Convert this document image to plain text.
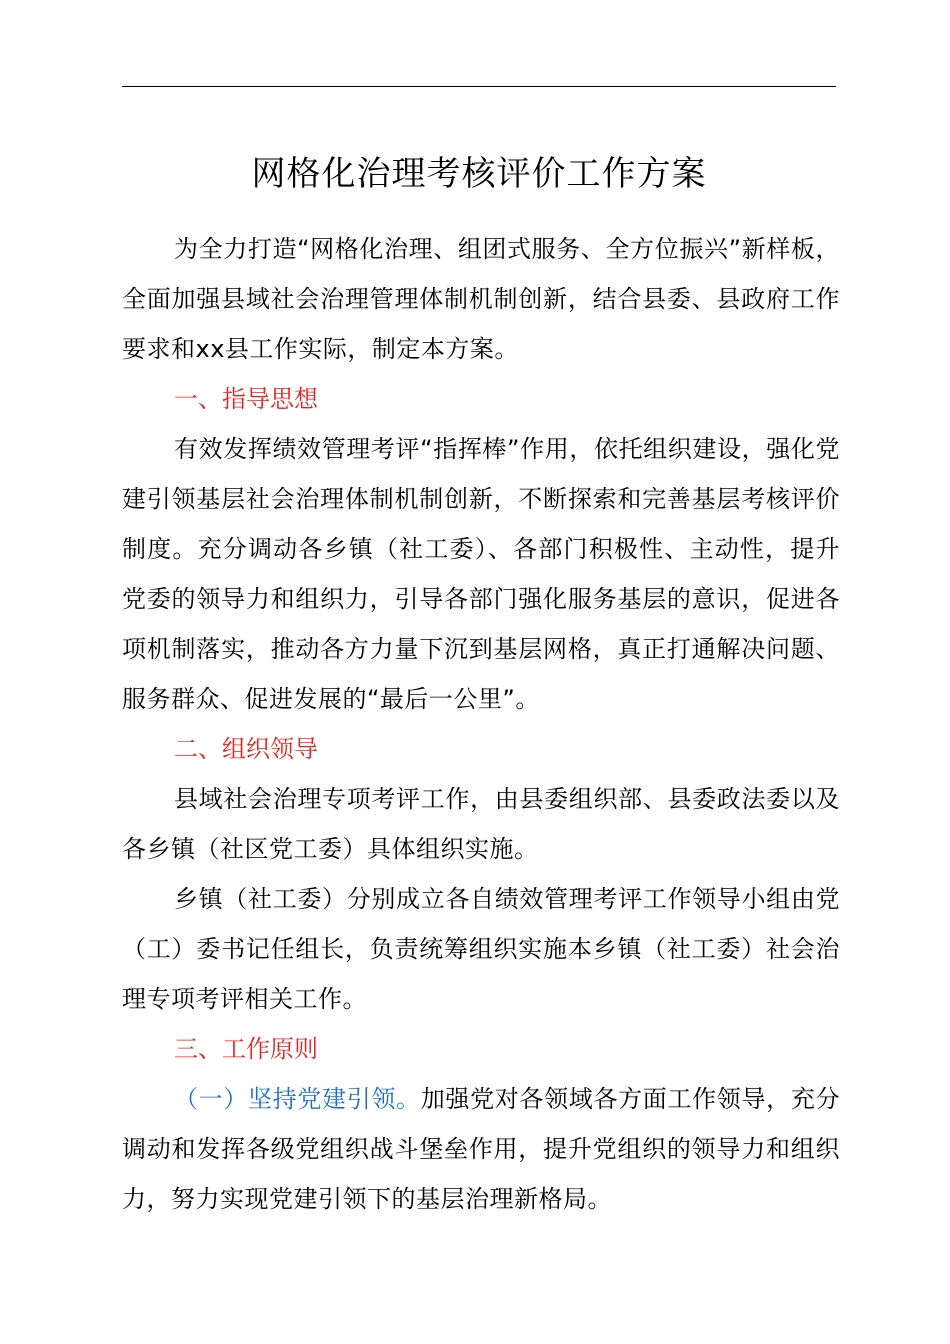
网格化治理考核评价工作方案

为全力打造“网格化治理、组团式服务、全方位振兴”新样板，全面加强县域社会治理管理体制机制创新，结合县委、县政府工作要求和xx县工作实际，制定本方案。

一、指导思想

有效发挥绩效管理考评“指挥棒”作用，依托组织建设，强化党建引领基层社会治理体制机制创新，不断探索和完善基层考核评价制度。充分调动各乡镇（社工委）、各部门积极性、主动性，提升党委的领导力和组织力，引导各部门强化服务基层的意识，促进各项机制落实，推动各方力量下沉到基层网格，真正打通解决问题、服务群众、促进发展的“最后一公里”。

二、组织领导

县域社会治理专项考评工作，由县委组织部、县委政法委以及各乡镇（社区党工委）具体组织实施。

乡镇（社工委）分别成立各自绩效管理考评工作领导小组由党（工）委书记任组长，负责统筹组织实施本乡镇（社工委）社会治理专项考评相关工作。

三、工作原则

（一）坚持党建引领。加强党对各领域各方面工作领导，充分调动和发挥各级党组织战斗堡垒作用，提升党组织的领导力和组织力，努力实现党建引领下的基层治理新格局。
